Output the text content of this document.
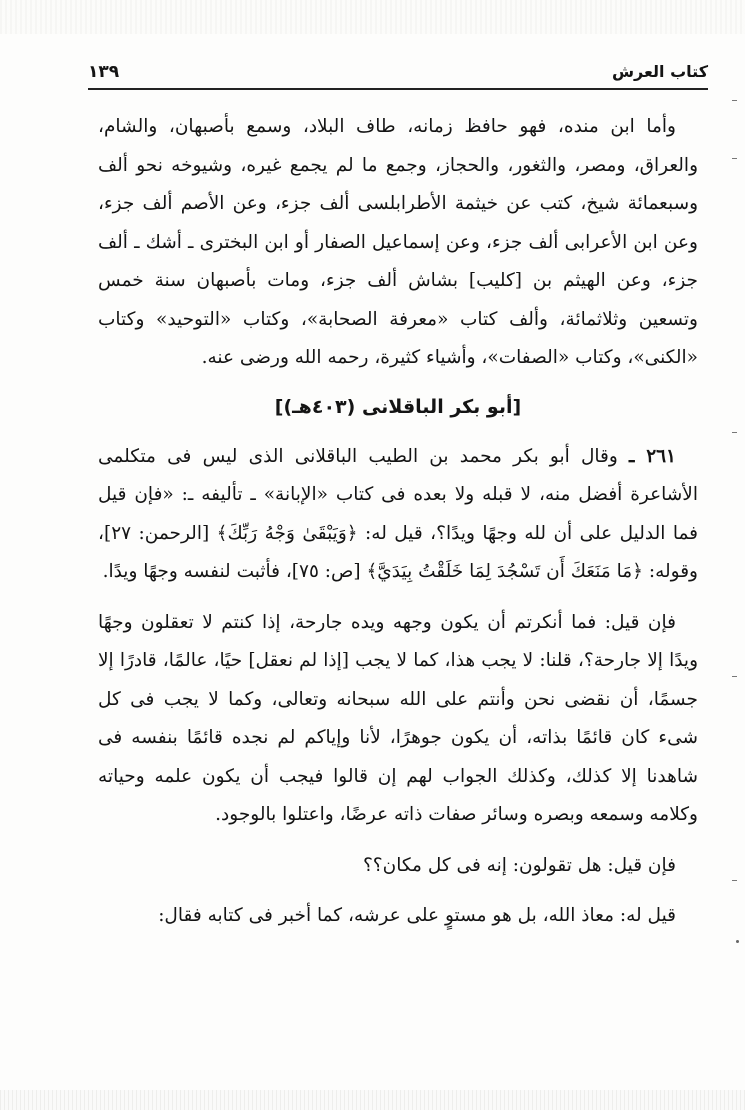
كتاب العرش
١٣٩

وأما ابن منده، فهو حافظ زمانه، طاف البلاد، وسمع بأصبهان، والشام، والعراق، ومصر، والثغور، والحجاز، وجمع ما لم يجمع غيره، وشيوخه نحو ألف وسبعمائة شيخ، كتب عن خيثمة الأطرابلسى ألف جزء، وعن الأصم ألف جزء، وعن ابن الأعرابى ألف جزء، وعن إسماعيل الصفار أو ابن البخترى ـ أشك ـ ألف جزء، وعن الهيثم بن [كليب] بشاش ألف جزء، ومات بأصبهان سنة خمس وتسعين وثلاثمائة، وألف كتاب «معرفة الصحابة»، وكتاب «التوحيد» وكتاب «الكنى»، وكتاب «الصفات»، وأشياء كثيرة، رحمه الله ورضى عنه.

[أبو بكر الباقلانى (٤٠٣هـ)]

٢٦١ ـ وقال أبو بكر محمد بن الطيب الباقلانى الذى ليس فى متكلمى الأشاعرة أفضل منه، لا قبله ولا بعده فى كتاب «الإبانة» ـ تأليفه ـ: «فإن قيل فما الدليل على أن لله وجهًا ويدًا؟، قيل له: ﴿وَيَبْقَىٰ وَجْهُ رَبِّكَ﴾ [الرحمن: ٢٧]، وقوله: ﴿مَا مَنَعَكَ أَن تَسْجُدَ لِمَا خَلَقْتُ بِيَدَيَّ﴾ [ص: ٧٥]، فأثبت لنفسه وجهًا ويدًا.

فإن قيل: فما أنكرتم أن يكون وجهه ويده جارحة، إذا كنتم لا تعقلون وجهًا ويدًا إلا جارحة؟، قلنا: لا يجب هذا، كما لا يجب [إذا لم نعقل] حيًا، عالمًا، قادرًا إلا جسمًا، أن نقضى نحن وأنتم على الله سبحانه وتعالى، وكما لا يجب فى كل شىء كان قائمًا بذاته، أن يكون جوهرًا، لأنا وإياكم لم نجده قائمًا بنفسه فى شاهدنا إلا كذلك، وكذلك الجواب لهم إن قالوا فيجب أن يكون علمه وحياته وكلامه وسمعه وبصره وسائر صفات ذاته عرضًا، واعتلوا بالوجود.

فإن قيل: هل تقولون: إنه فى كل مكان؟؟

قيل له: معاذ الله، بل هو مستوٍ على عرشه، كما أخبر فى كتابه فقال:
